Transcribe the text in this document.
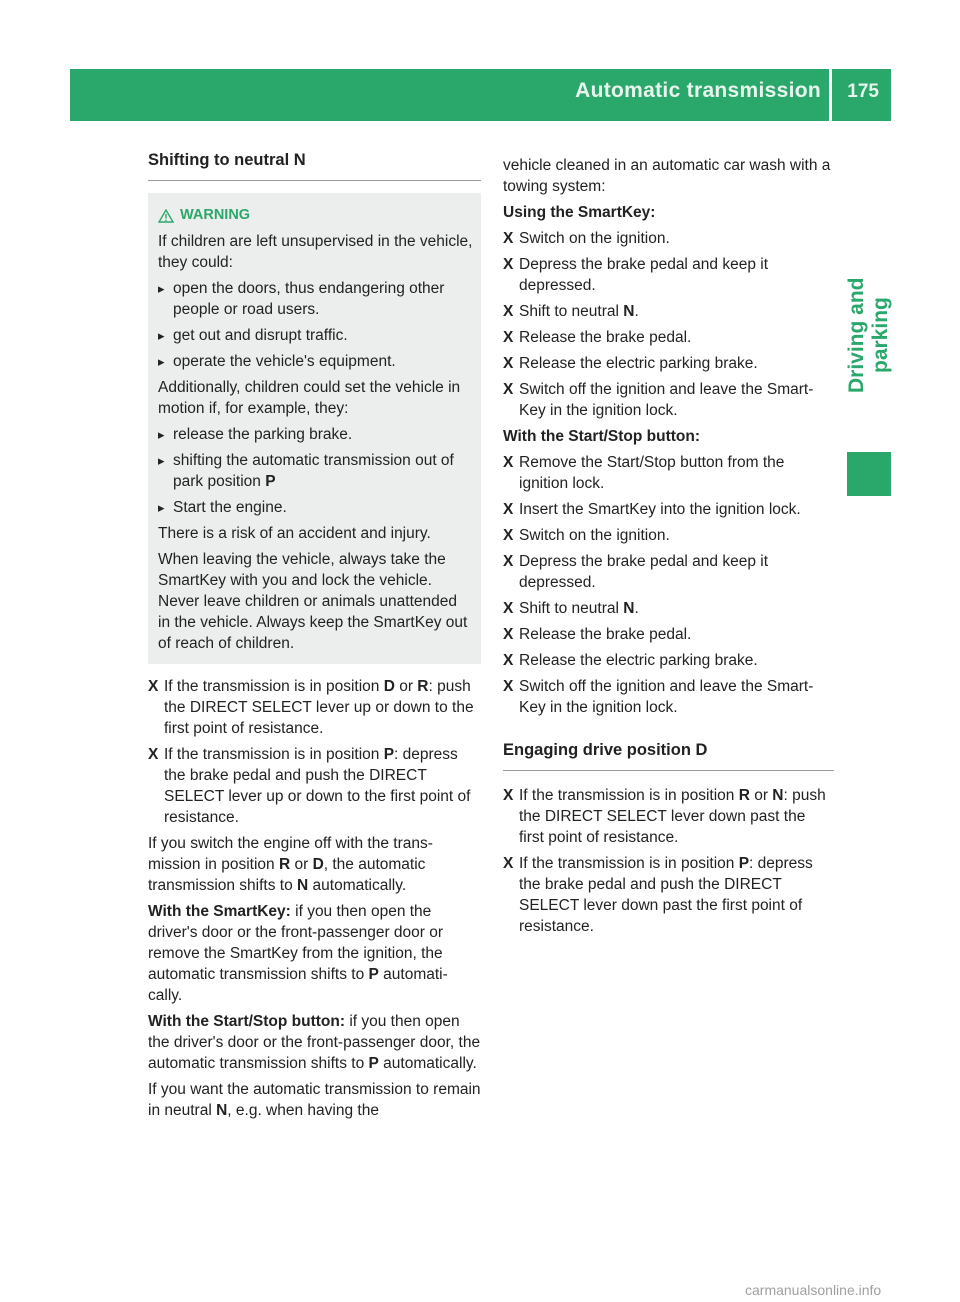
Automatic transmission 175
Driving and parking
Shifting to neutral N
WARNING
If children are left unsupervised in the vehicle, they could:
▸ open the doors, thus endangering other people or road users.
▸ get out and disrupt traffic.
▸ operate the vehicle's equipment.
Additionally, children could set the vehicle in motion if, for example, they:
▸ release the parking brake.
▸ shifting the automatic transmission out of park position P
▸ Start the engine.
There is a risk of an accident and injury.
When leaving the vehicle, always take the SmartKey with you and lock the vehicle. Never leave children or animals unattended in the vehicle. Always keep the SmartKey out of reach of children.
X If the transmission is in position D or R: push the DIRECT SELECT lever up or down to the first point of resistance.
X If the transmission is in position P: depress the brake pedal and push the DIRECT SELECT lever up or down to the first point of resistance.
If you switch the engine off with the trans-mission in position R or D, the automatic transmission shifts to N automatically.
With the SmartKey: if you then open the driver's door or the front-passenger door or remove the SmartKey from the ignition, the automatic transmission shifts to P automati-cally.
With the Start/Stop button: if you then open the driver's door or the front-passenger door, the automatic transmission shifts to P automatically.
If you want the automatic transmission to remain in neutral N, e.g. when having the
vehicle cleaned in an automatic car wash with a towing system:
Using the SmartKey:
X Switch on the ignition.
X Depress the brake pedal and keep it depressed.
X Shift to neutral N.
X Release the brake pedal.
X Release the electric parking brake.
X Switch off the ignition and leave the Smart-Key in the ignition lock.
With the Start/Stop button:
X Remove the Start/Stop button from the ignition lock.
X Insert the SmartKey into the ignition lock.
X Switch on the ignition.
X Depress the brake pedal and keep it depressed.
X Shift to neutral N.
X Release the brake pedal.
X Release the electric parking brake.
X Switch off the ignition and leave the Smart-Key in the ignition lock.
Engaging drive position D
X If the transmission is in position R or N: push the DIRECT SELECT lever down past the first point of resistance.
X If the transmission is in position P: depress the brake pedal and push the DIRECT SELECT lever down past the first point of resistance.
carmanualsonline.info
